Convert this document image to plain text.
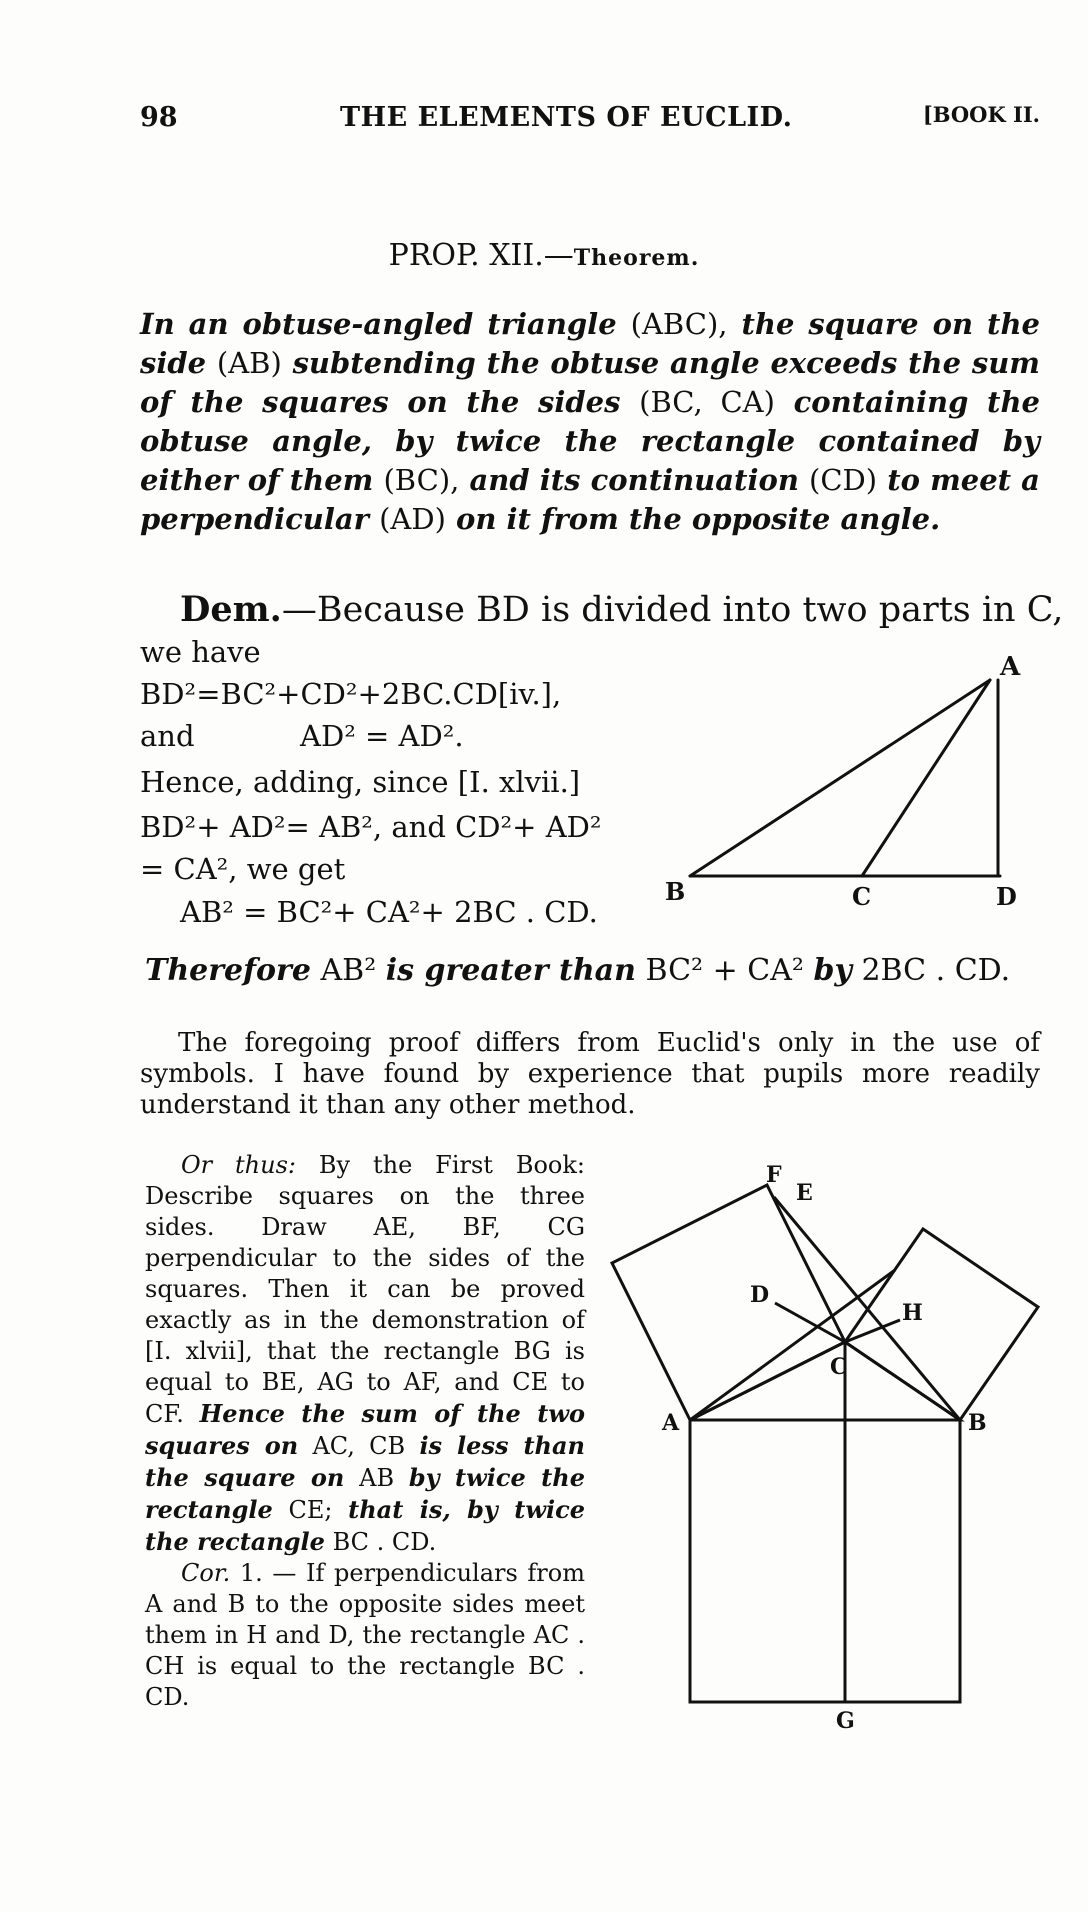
98	THE ELEMENTS OF EUCLID.	[BOOK II.
PROP. XII.—Theorem.
In an obtuse-angled triangle (ABC), the square on the side (AB) subtending the obtuse angle exceeds the sum of the squares on the sides (BC, CA) containing the obtuse angle, by twice the rectangle contained by either of them (BC), and its continuation (CD) to meet a perpendicular (AD) on it from the opposite angle.
Dem.—Because BD is divided into two parts in C,
we have
BD²=BC²+CD²+2BC.CD[iv.],
and	AD² = AD².
Hence, adding, since [I. xlvii.]
BD²+ AD²= AB², and CD²+ AD²
= CA², we get
AB² = BC²+ CA²+ 2BC . CD.
A
B	C	D
Therefore AB² is greater than BC² + CA² by 2BC . CD.

The foregoing proof differs from Euclid's only in the use of symbols. I have found by experience that pupils more readily understand it than any other method.

Or thus: By the First Book: Describe squares on the three sides. Draw AE, BF, CG perpendicular to the sides of the squares. Then it can be proved exactly as in the demonstration of [I. xlvii], that the rectangle BG is equal to BE, AG to AF, and CE to CF. Hence the sum of the two squares on AC, CB is less than the square on AB by twice the rectangle CE; that is, by twice the rectangle BC . CD.

Cor. 1. — If perpendiculars from A and B to the opposite sides meet them in H and D, the rectangle AC . CH is equal to the rectangle BC . CD.

F
E
D
H
C
A	B
G
